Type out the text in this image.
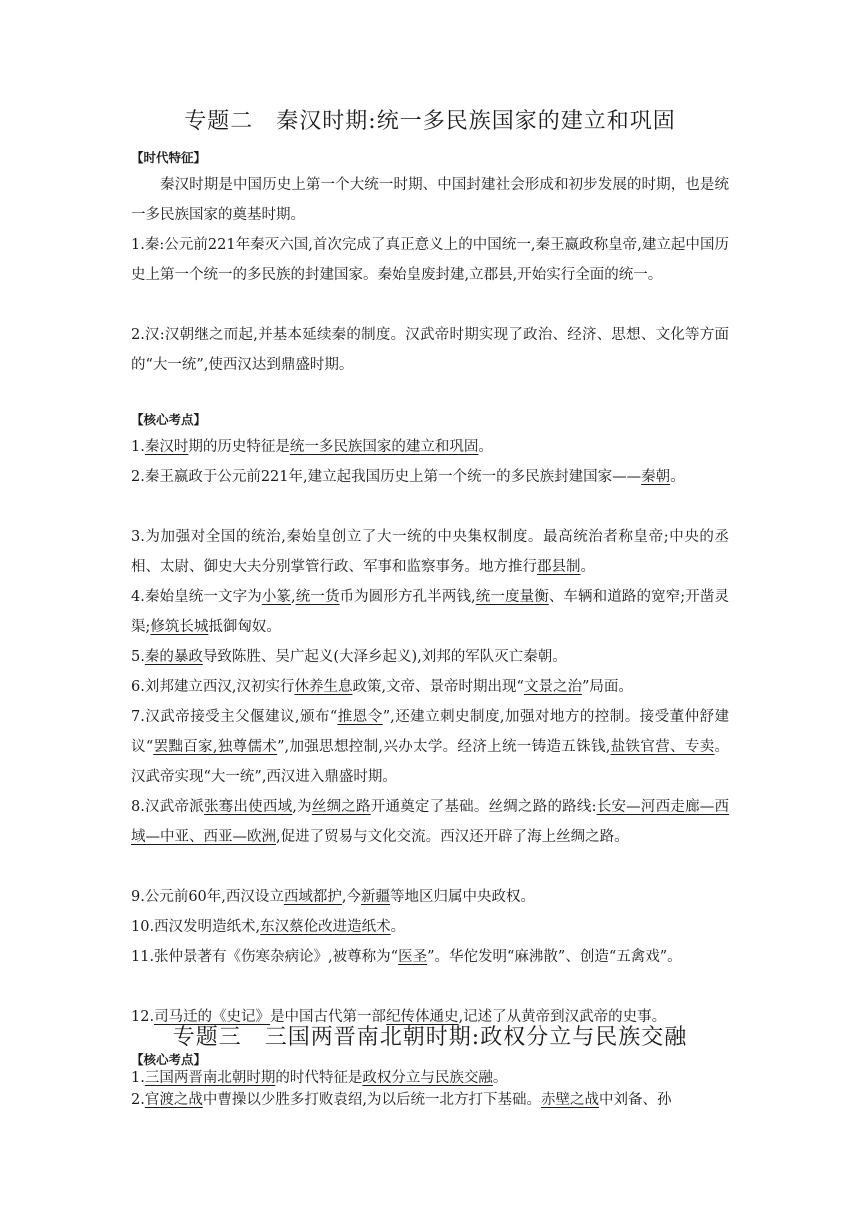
专题二　秦汉时期:统一多民族国家的建立和巩固
【时代特征】
秦汉时期是中国历史上第一个大统一时期、中国封建社会形成和初步发展的时期，也是统一多民族国家的奠基时期。
1.秦:公元前221年秦灭六国,首次完成了真正意义上的中国统一,秦王嬴政称皇帝,建立起中国历史上第一个统一的多民族的封建国家。秦始皇废封建,立郡县,开始实行全面的统一。
2.汉:汉朝继之而起,并基本延续秦的制度。汉武帝时期实现了政治、经济、思想、文化等方面的“大一统”,使西汉达到鼎盛时期。
【核心考点】
1.秦汉时期的历史特征是统一多民族国家的建立和巩固。
2.秦王嬴政于公元前221年,建立起我国历史上第一个统一的多民族封建国家——秦朝。
3.为加强对全国的统治,秦始皇创立了大一统的中央集权制度。最高统治者称皇帝;中央的丞相、太尉、御史大夫分别掌管行政、军事和监察事务。地方推行郡县制。
4.秦始皇统一文字为小篆,统一货币为圆形方孔半两钱,统一度量衡、车辆和道路的宽窄;开凿灵渠;修筑长城抵御匈奴。
5.秦的暴政导致陈胜、吴广起义(大泽乡起义),刘邦的军队灭亡秦朝。
6.刘邦建立西汉,汉初实行休养生息政策,文帝、景帝时期出现“文景之治”局面。
7.汉武帝接受主父偃建议,颁布“推恩令”,还建立刺史制度,加强对地方的控制。接受董仲舒建议“罢黜百家,独尊儒术”,加强思想控制,兴办太学。经济上统一铸造五铢钱,盐铁官营、专卖。汉武帝实现“大一统”,西汉进入鼎盛时期。
8.汉武帝派张骞出使西域,为丝绸之路开通奠定了基础。丝绸之路的路线:长安—河西走廊—西域—中亚、西亚—欧洲,促进了贸易与文化交流。西汉还开辟了海上丝绸之路。
9.公元前60年,西汉设立西域都护,今新疆等地区归属中央政权。
10.西汉发明造纸术,东汉蔡伦改进造纸术。
11.张仲景著有《伤寒杂病论》,被尊称为“医圣”。华佗发明“麻沸散”、创造“五禽戏”。
12.司马迁的《史记》是中国古代第一部纪传体通史,记述了从黄帝到汉武帝的史事。
专题三　三国两晋南北朝时期:政权分立与民族交融
【核心考点】
1.三国两晋南北朝时期的时代特征是政权分立与民族交融。
2.官渡之战中曹操以少胜多打败袁绍,为以后统一北方打下基础。赤壁之战中刘备、孙
